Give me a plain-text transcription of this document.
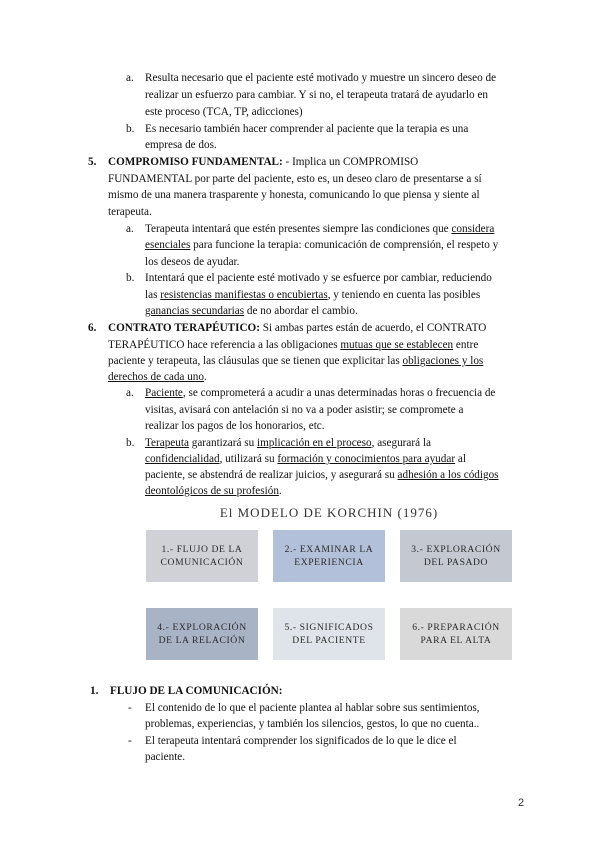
a. Resulta necesario que el paciente esté motivado y muestre un sincero deseo de
realizar un esfuerzo para cambiar. Y si no, el terapeuta tratará de ayudarlo en
este proceso (TCA, TP, adicciones)
b. Es necesario también hacer comprender al paciente que la terapia es una
empresa de dos.
5. COMPROMISO FUNDAMENTAL: - Implica un COMPROMISO
FUNDAMENTAL por parte del paciente, esto es, un deseo claro de presentarse a sí
mismo de una manera trasparente y honesta, comunicando lo que piensa y siente al
terapeuta.
a. Terapeuta intentará que estén presentes siempre las condiciones que considera
esenciales para funcione la terapia: comunicación de comprensión, el respeto y
los deseos de ayudar.
b. Intentará que el paciente esté motivado y se esfuerce por cambiar, reduciendo
las resistencias manifiestas o encubiertas, y teniendo en cuenta las posibles
ganancias secundarias de no abordar el cambio.
6. CONTRATO TERAPÉUTICO: Si ambas partes están de acuerdo, el CONTRATO
TERAPÉUTICO hace referencia a las obligaciones mutuas que se establecen entre
paciente y terapeuta, las cláusulas que se tienen que explicitar las obligaciones y los
derechos de cada uno.
a. Paciente, se comprometerá a acudir a unas determinadas horas o frecuencia de
visitas, avisará con antelación si no va a poder asistir; se compromete a
realizar los pagos de los honorarios, etc.
b. Terapeuta garantizará su implicación en el proceso, asegurará la
confidencialidad, utilizará su formación y conocimientos para ayudar al
paciente, se abstendrá de realizar juicios, y asegurará su adhesión a los códigos
deontológicos de su profesión.
El MODELO DE KORCHIN (1976)
1.- FLUJO DE LA
COMUNICACIÓN
2.- EXAMINAR LA
EXPERIENCIA
3.- EXPLORACIÓN
DEL PASADO
4.- EXPLORACIÓN
DE LA RELACIÓN
5.- SIGNIFICADOS
DEL PACIENTE
6.- PREPARACIÓN
PARA EL ALTA
1. FLUJO DE LA COMUNICACIÓN:
- El contenido de lo que el paciente plantea al hablar sobre sus sentimientos,
problemas, experiencias, y también los silencios, gestos, lo que no cuenta..
- El terapeuta intentará comprender los significados de lo que le dice el
paciente.
2
